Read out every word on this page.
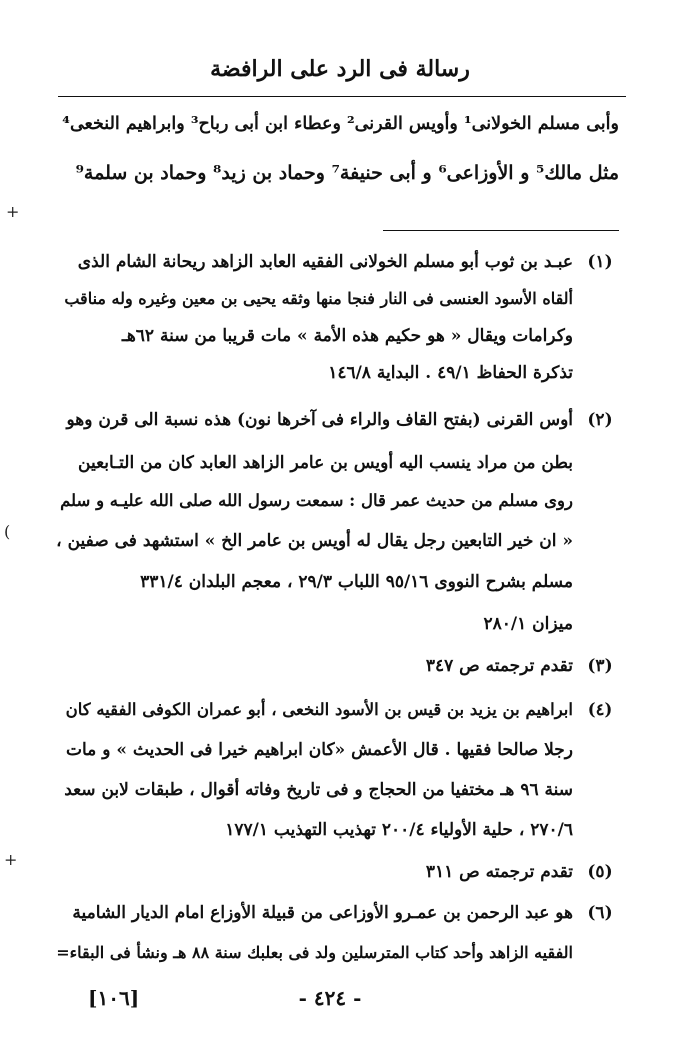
رسالة فى الرد على الرافضة
وأبى مسلم الخولانى¹ وأويس القرنى² وعطاء ابن أبى رباح³ وابراهيم النخعى⁴
مثل مالك⁵ و الأوزاعى⁶ و أبى حنيفة⁷ وحماد بن زيد⁸ وحماد بن سلمة⁹
+
(١)عبـد بن ثوب أبو مسلم الخولانى الفقيه العابد الزاهد ريحانة الشام الذى
ألقاه الأسود العنسى فى النار فنجا منها وثقه يحيى بن معين وغيره وله مناقب
وكرامات ويقال « هو حكيم هذه الأمة » مات قريبا من سنة ٦٢هـ
تذكرة الحفاظ ٤٩/١ . البداية ١٤٦/٨
(٢)أوس القرنى (بفتح القاف والراء فى آخرها نون) هذه نسبة الى قرن وهو
بطن من مراد ينسب اليه أويس بن عامر الزاهد العابد كان من التـابعين
روى مسلم من حديث عمر قال : سمعت رسول الله صلى الله عليـه و سلم
« ان خير التابعين رجل يقال له أويس بن عامر الخ » استشهد فى صفين ،
مسلم بشرح النووى ٩٥/١٦ اللباب ٢٩/٣ ، معجم البلدان ٣٣١/٤
ميزان ٢٨٠/١
)
(٣)تقدم ترجمته ص ٣٤٧
(٤)ابراهيم بن يزيد بن قيس بن الأسود النخعى ، أبو عمران الكوفى الفقيه كان
رجلا صالحا فقيها . قال الأعمش «كان ابراهيم خيرا فى الحديث » و مات
سنة ٩٦ هـ مختفيا من الحجاج و فى تاريخ وفاته أقوال ، طبقات لابن سعد
٢٧٠/٦ ، حلية الأولياء ٢٠٠/٤ تهذيب التهذيب ١٧٧/١
+
(٥)تقدم ترجمته ص ٣١١
(٦)هو عبد الرحمن بن عمـرو الأوزاعى من قبيلة الأوزاع امام الديار الشامية
الفقيه الزاهد وأحد كتاب المترسلين ولد فى بعلبك سنة ٨٨ هـ ونشأ فى البقاء=
- ٤٢٤ -
[١٠٦]
